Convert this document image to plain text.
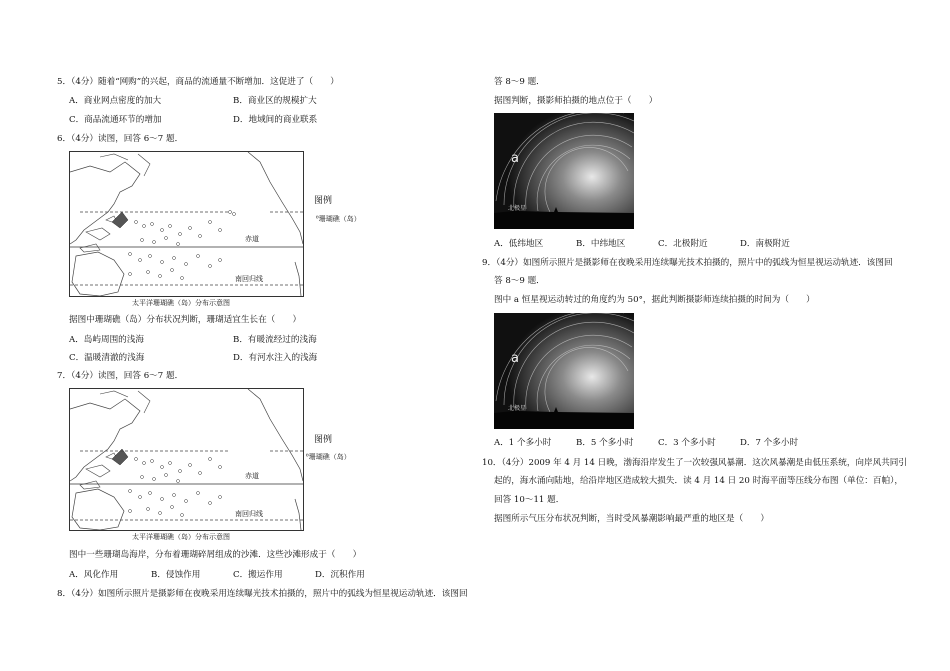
5．（4分）随着“网购”的兴起，商品的流通量不断增加．这促进了（　　）
A．商业网点密度的加大	B．商业区的规模扩大
C．商品流通环节的增加	D．地域间的商业联系
6．（4分）读图，回答 6～7 题．
赤道
南回归线
图例
ᶿ珊瑚礁（岛）
太平洋珊瑚礁（岛）分布示意图
据图中珊瑚礁（岛）分布状况判断，珊瑚适宜生长在（　　）
A．岛屿周围的浅海	B．有暖流经过的浅海
C．温暖清澈的浅海	D．有河水注入的浅海
7．（4分）读图，回答 6～7 题．
赤道
南回归线
图例
ᶿ珊瑚礁（岛）
太平洋珊瑚礁（岛）分布示意图
图中一些珊瑚岛海岸，分布着珊瑚碎屑组成的沙滩．这些沙滩形成于（　　）
A．风化作用	B．侵蚀作用	C．搬运作用	D．沉积作用
8．（4分）如图所示照片是摄影师在夜晚采用连续曝光技术拍摄的，照片中的弧线为恒星视运动轨迹．该图回
答 8～9 题．
据图判断，摄影师拍摄的地点位于（　　）
a
北极星
A．低纬地区	B．中纬地区	C．北极附近	D．南极附近
9．（4分）如图所示照片是摄影师在夜晚采用连续曝光技术拍摄的，照片中的弧线为恒星视运动轨迹．该图回
答 8～9 题．
图中 a 恒星视运动转过的角度约为 50°，据此判断摄影师连续拍摄的时间为（　　）
a
北极星
A．1 个多小时	B．5 个多小时	C．3 个多小时	D．7 个多小时
10．（4分）2009 年 4 月 14 日晚，渤海沿岸发生了一次较强风暴潮．这次风暴潮是由低压系统，向岸风共同引
起的，海水涌向陆地，给沿岸地区造成较大损失．读 4 月 14 日 20 时海平面等压线分布图（单位：百帕），
回答 10～11 题．
据图所示气压分布状况判断，当时受风暴潮影响最严重的地区是（　　）
